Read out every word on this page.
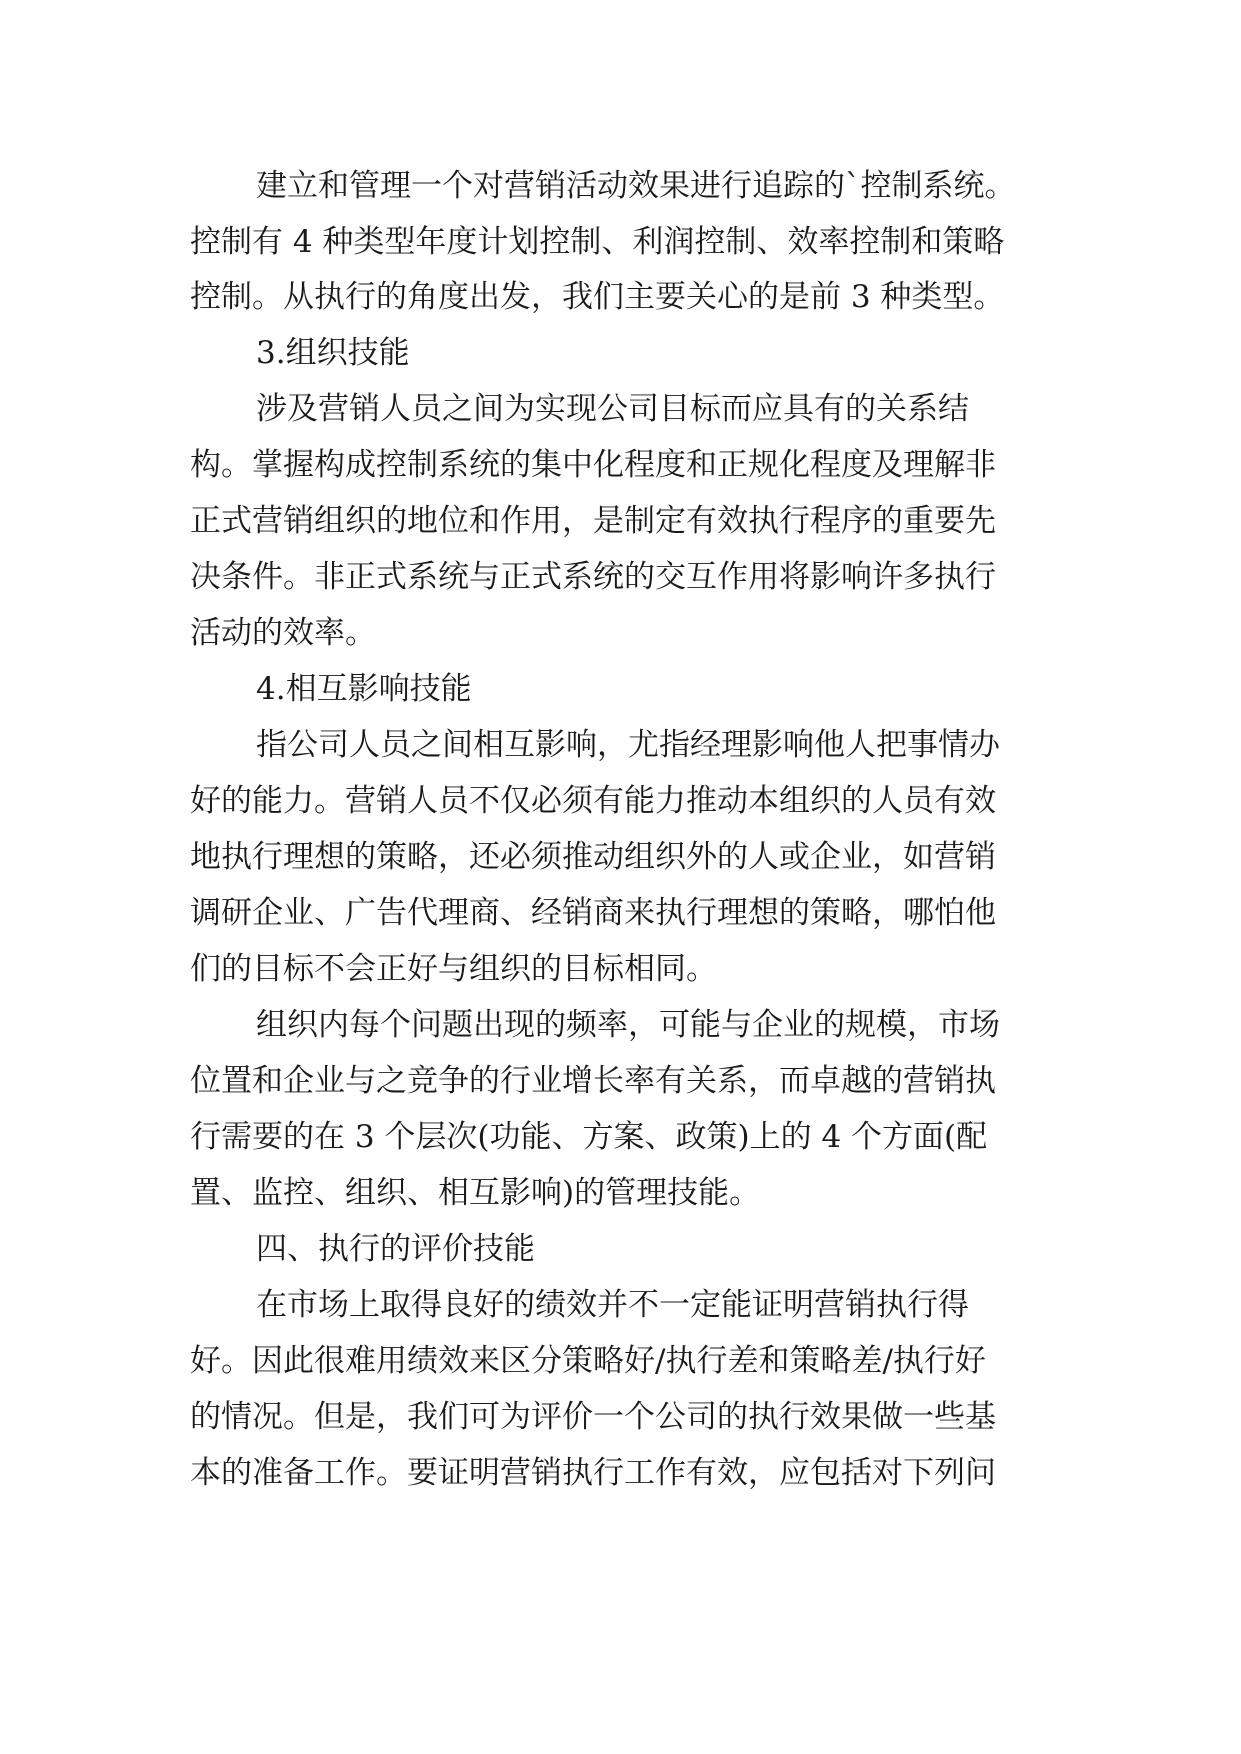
建立和管理一个对营销活动效果进行追踪的`控制系统。
控制有 4 种类型年度计划控制、利润控制、效率控制和策略
控制。从执行的角度出发，我们主要关心的是前 3 种类型。
3.组织技能
涉及营销人员之间为实现公司目标而应具有的关系结
构。掌握构成控制系统的集中化程度和正规化程度及理解非
正式营销组织的地位和作用，是制定有效执行程序的重要先
决条件。非正式系统与正式系统的交互作用将影响许多执行
活动的效率。
4.相互影响技能
指公司人员之间相互影响，尤指经理影响他人把事情办
好的能力。营销人员不仅必须有能力推动本组织的人员有效
地执行理想的策略，还必须推动组织外的人或企业，如营销
调研企业、广告代理商、经销商来执行理想的策略，哪怕他
们的目标不会正好与组织的目标相同。
组织内每个问题出现的频率，可能与企业的规模，市场
位置和企业与之竞争的行业增长率有关系，而卓越的营销执
行需要的在 3 个层次(功能、方案、政策)上的 4 个方面(配
置、监控、组织、相互影响)的管理技能。
四、执行的评价技能
在市场上取得良好的绩效并不一定能证明营销执行得
好。因此很难用绩效来区分策略好/执行差和策略差/执行好
的情况。但是，我们可为评价一个公司的执行效果做一些基
本的准备工作。要证明营销执行工作有效，应包括对下列问
